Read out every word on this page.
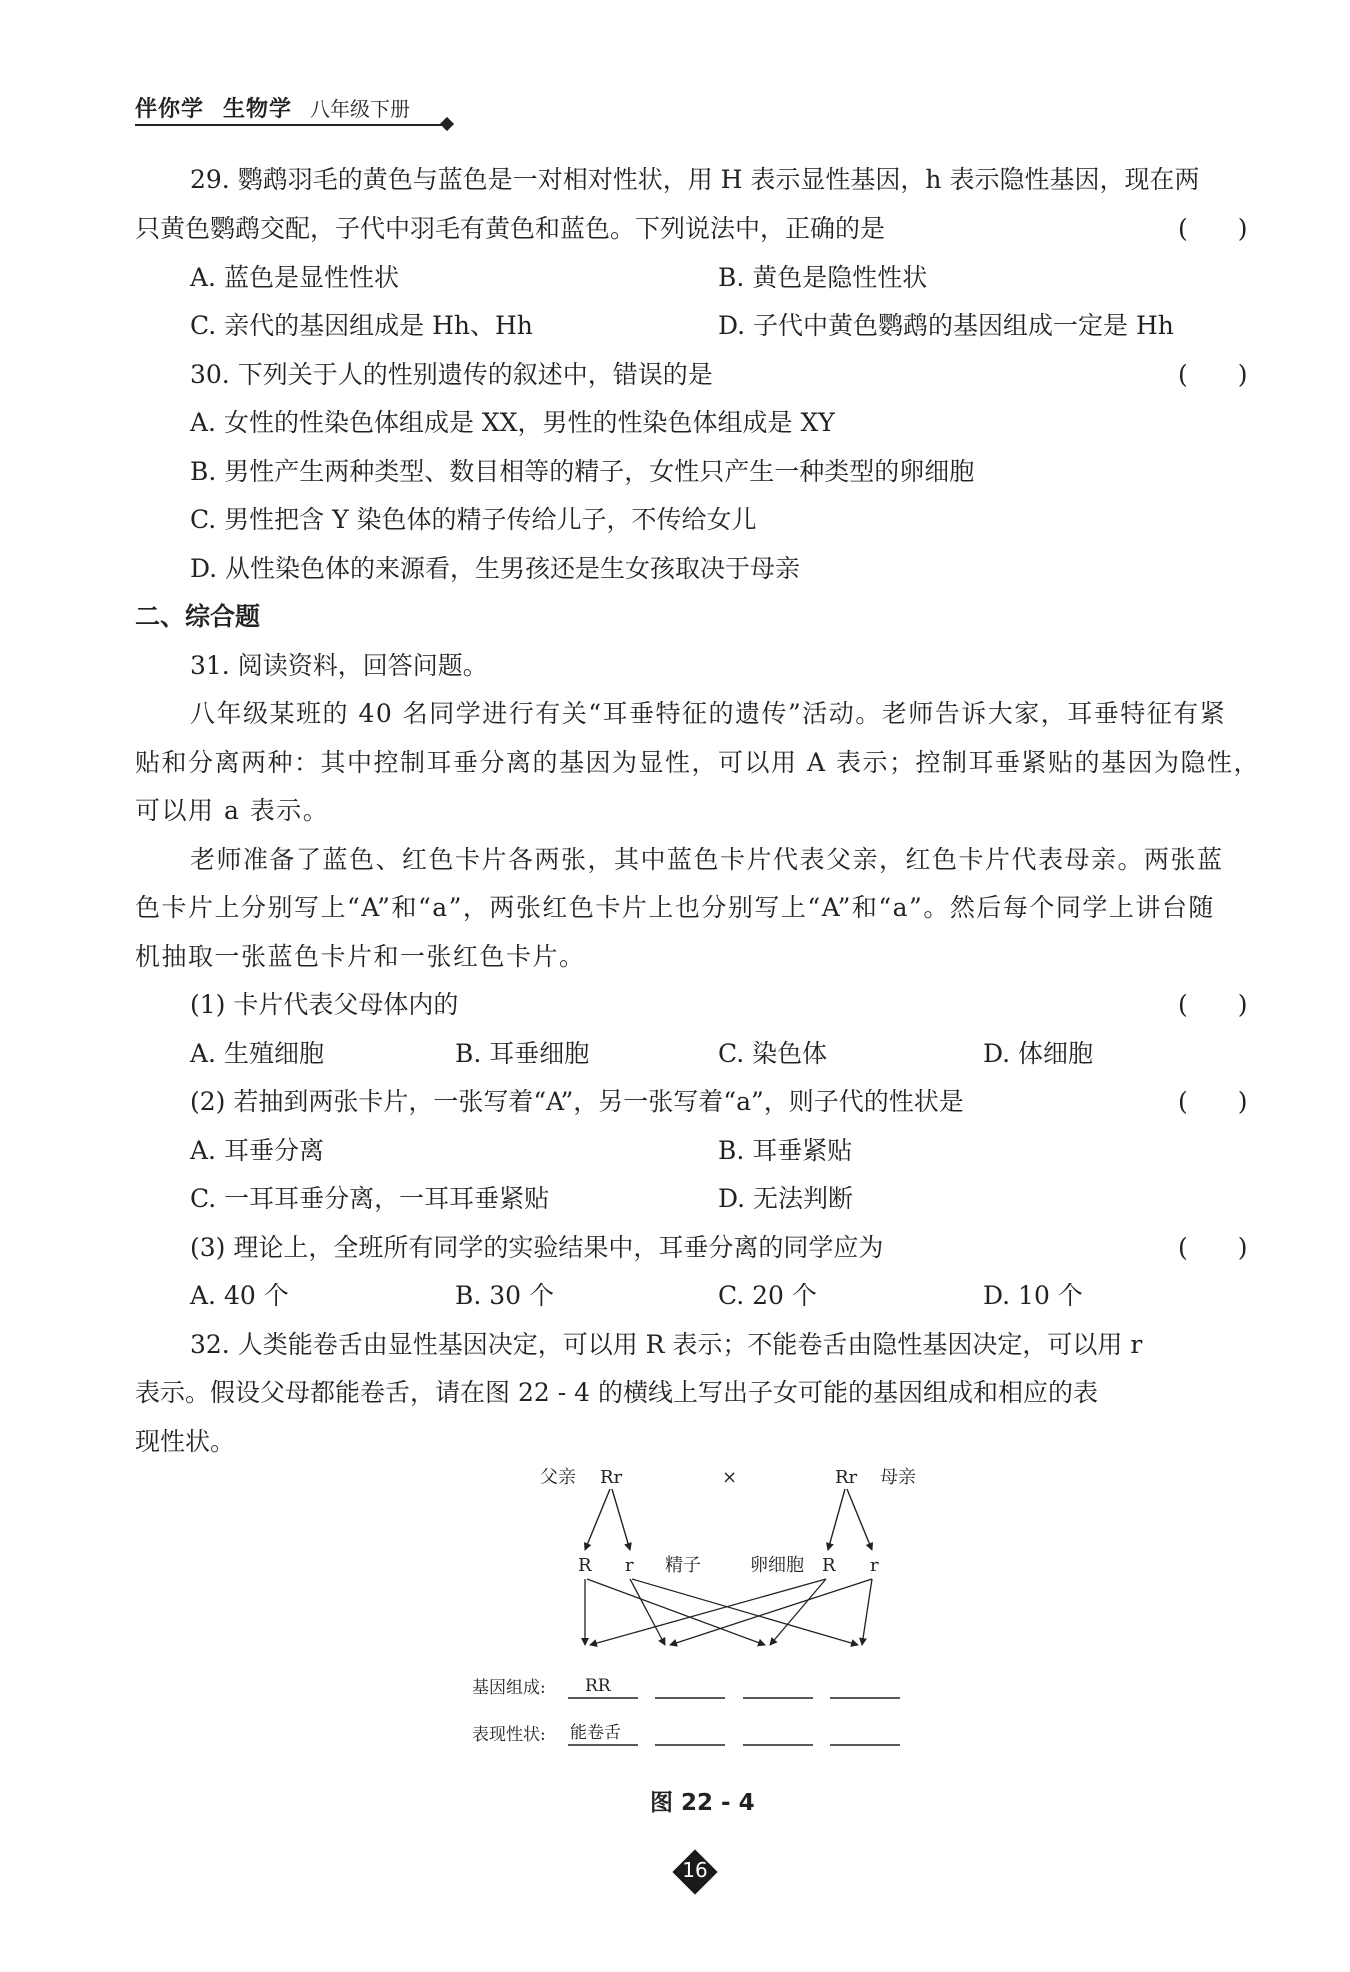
伴你学 生物学 八年级下册
29. 鹦鹉羽毛的黄色与蓝色是一对相对性状，用 H 表示显性基因，h 表示隐性基因，现在两
只黄色鹦鹉交配，子代中羽毛有黄色和蓝色。下列说法中，正确的是	(　　)
A. 蓝色是显性性状	B. 黄色是隐性性状
C. 亲代的基因组成是 Hh、Hh	D. 子代中黄色鹦鹉的基因组成一定是 Hh
30. 下列关于人的性别遗传的叙述中，错误的是	(　　)
A. 女性的性染色体组成是 XX，男性的性染色体组成是 XY
B. 男性产生两种类型、数目相等的精子，女性只产生一种类型的卵细胞
C. 男性把含 Y 染色体的精子传给儿子，不传给女儿
D. 从性染色体的来源看，生男孩还是生女孩取决于母亲
二、综合题
31. 阅读资料，回答问题。
八年级某班的 40 名同学进行有关“耳垂特征的遗传”活动。老师告诉大家，耳垂特征有紧
贴和分离两种：其中控制耳垂分离的基因为显性，可以用 A 表示；控制耳垂紧贴的基因为隐性，
可以用 a 表示。
老师准备了蓝色、红色卡片各两张，其中蓝色卡片代表父亲，红色卡片代表母亲。两张蓝
色卡片上分别写上“A”和“a”，两张红色卡片上也分别写上“A”和“a”。然后每个同学上讲台随
机抽取一张蓝色卡片和一张红色卡片。
(1) 卡片代表父母体内的	(　　)
A. 生殖细胞	B. 耳垂细胞	C. 染色体	D. 体细胞
(2) 若抽到两张卡片，一张写着“A”，另一张写着“a”，则子代的性状是	(　　)
A. 耳垂分离	B. 耳垂紧贴
C. 一耳耳垂分离，一耳耳垂紧贴	D. 无法判断
(3) 理论上，全班所有同学的实验结果中，耳垂分离的同学应为	(　　)
A. 40 个	B. 30 个	C. 20 个	D. 10 个
32. 人类能卷舌由显性基因决定，可以用 R 表示；不能卷舌由隐性基因决定，可以用 r
表示。假设父母都能卷舌，请在图 22 - 4 的横线上写出子女可能的基因组成和相应的表
现性状。
父亲 Rr	×	Rr 母亲
R r 精子	卵细胞 R r
基因组成: RR
表现性状: 能卷舌
图 22 - 4
16
